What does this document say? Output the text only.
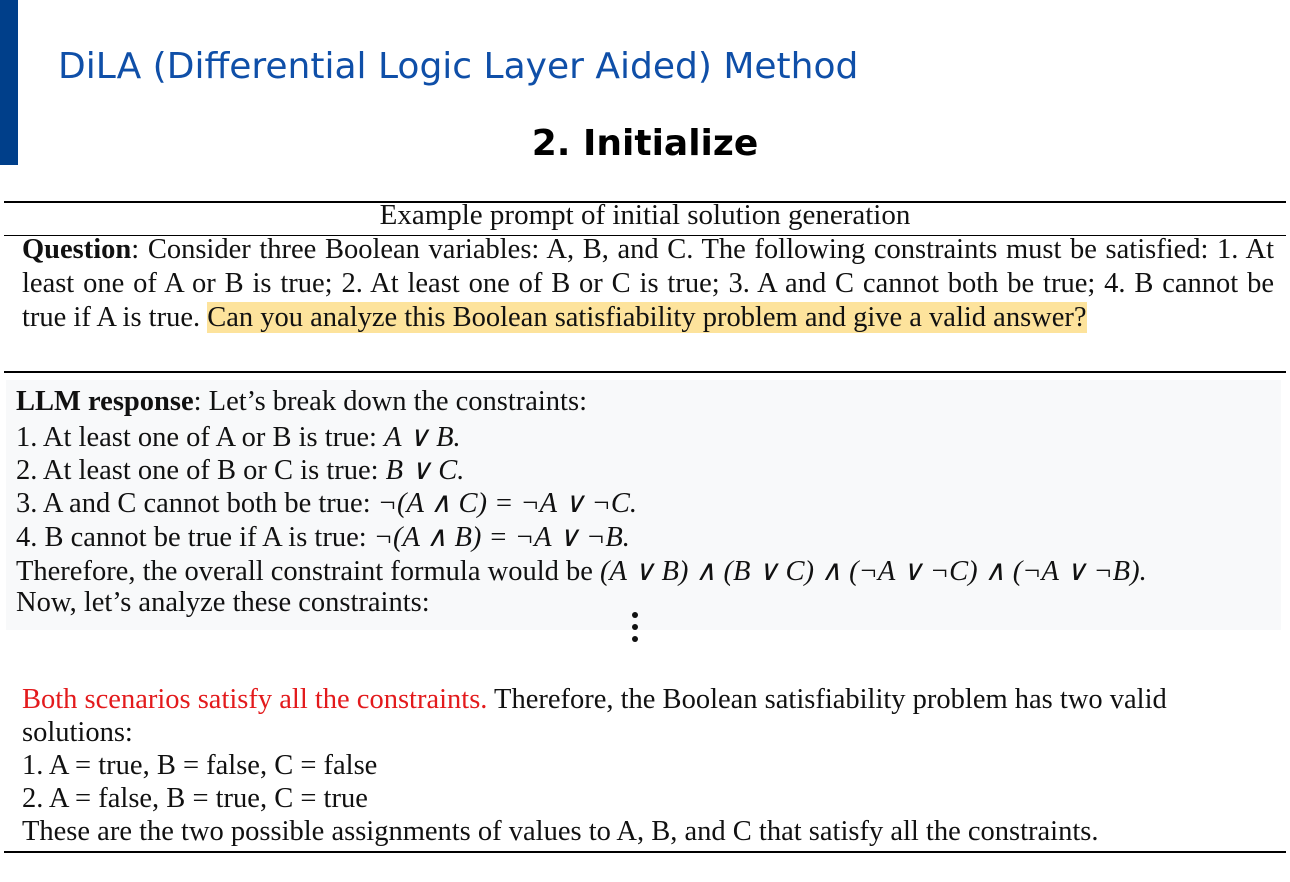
DiLA (Differential Logic Layer Aided) Method
2. Initialize
Example prompt of initial solution generation
Question: Consider three Boolean variables: A, B, and C. The following constraints must be satisfied: 1. At least one of A or B is true; 2. At least one of B or C is true; 3. A and C cannot both be true; 4. B cannot be true if A is true. Can you analyze this Boolean satisfiability problem and give a valid answer?
LLM response: Let’s break down the constraints:
1. At least one of A or B is true: A ∨ B.
2. At least one of B or C is true: B ∨ C.
3. A and C cannot both be true: ¬(A ∧ C) = ¬A ∨ ¬C.
4. B cannot be true if A is true: ¬(A ∧ B) = ¬A ∨ ¬B.
Therefore, the overall constraint formula would be (A ∨ B) ∧ (B ∨ C) ∧ (¬A ∨ ¬C) ∧ (¬A ∨ ¬B).
Now, let’s analyze these constraints:
Both scenarios satisfy all the constraints. Therefore, the Boolean satisfiability problem has two valid
solutions:
1. A = true, B = false, C = false
2. A = false, B = true, C = true
These are the two possible assignments of values to A, B, and C that satisfy all the constraints.
